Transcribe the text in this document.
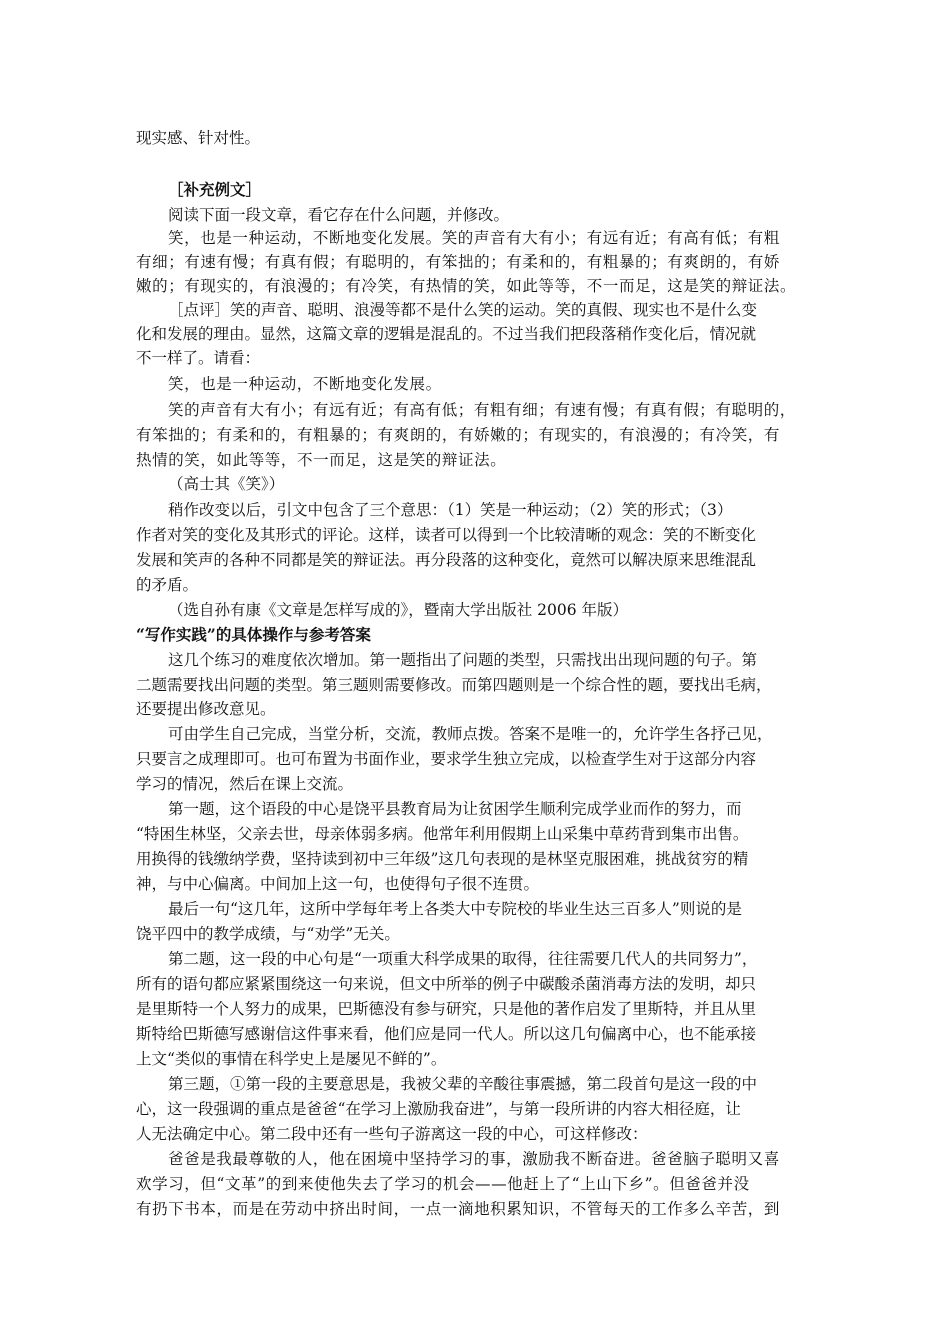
现实感、针对性。
［补充例文］
阅读下面一段文章，看它存在什么问题，并修改。
笑，也是一种运动，不断地变化发展。笑的声音有大有小；有远有近；有高有低；有粗
有细；有速有慢；有真有假；有聪明的，有笨拙的；有柔和的，有粗暴的；有爽朗的，有娇
嫩的；有现实的，有浪漫的；有冷笑，有热情的笑，如此等等，不一而足，这是笑的辩证法。
［点评］笑的声音、聪明、浪漫等都不是什么笑的运动。笑的真假、现实也不是什么变
化和发展的理由。显然，这篇文章的逻辑是混乱的。不过当我们把段落稍作变化后，情况就
不一样了。请看：
笑，也是一种运动，不断地变化发展。
笑的声音有大有小；有远有近；有高有低；有粗有细；有速有慢；有真有假；有聪明的，
有笨拙的；有柔和的，有粗暴的；有爽朗的，有娇嫩的；有现实的，有浪漫的；有冷笑，有
热情的笑，如此等等，不一而足，这是笑的辩证法。
（高士其《笑》）
稍作改变以后，引文中包含了三个意思：（1）笑是一种运动；（2）笑的形式；（3）
作者对笑的变化及其形式的评论。这样，读者可以得到一个比较清晰的观念：笑的不断变化
发展和笑声的各种不同都是笑的辩证法。再分段落的这种变化，竟然可以解决原来思维混乱
的矛盾。
（选自孙有康《文章是怎样写成的》，暨南大学出版社 2006 年版）
“写作实践”的具体操作与参考答案
这几个练习的难度依次增加。第一题指出了问题的类型，只需找出出现问题的句子。第
二题需要找出问题的类型。第三题则需要修改。而第四题则是一个综合性的题，要找出毛病，
还要提出修改意见。
可由学生自己完成，当堂分析，交流，教师点拨。答案不是唯一的，允许学生各抒己见，
只要言之成理即可。也可布置为书面作业，要求学生独立完成，以检查学生对于这部分内容
学习的情况，然后在课上交流。
第一题，这个语段的中心是饶平县教育局为让贫困学生顺利完成学业而作的努力，而
“特困生林坚，父亲去世，母亲体弱多病。他常年利用假期上山采集中草药背到集市出售。
用换得的钱缴纳学费，坚持读到初中三年级”这几句表现的是林坚克服困难，挑战贫穷的精
神，与中心偏离。中间加上这一句，也使得句子很不连贯。
最后一句“这几年，这所中学每年考上各类大中专院校的毕业生达三百多人”则说的是
饶平四中的教学成绩，与“劝学”无关。
第二题，这一段的中心句是“一项重大科学成果的取得，往往需要几代人的共同努力”，
所有的语句都应紧紧围绕这一句来说，但文中所举的例子中碳酸杀菌消毒方法的发明，却只
是里斯特一个人努力的成果，巴斯德没有参与研究，只是他的著作启发了里斯特，并且从里
斯特给巴斯德写感谢信这件事来看，他们应是同一代人。所以这几句偏离中心，也不能承接
上文“类似的事情在科学史上是屡见不鲜的”。
第三题，①第一段的主要意思是，我被父辈的辛酸往事震撼，第二段首句是这一段的中
心，这一段强调的重点是爸爸“在学习上激励我奋进”，与第一段所讲的内容大相径庭，让
人无法确定中心。第二段中还有一些句子游离这一段的中心，可这样修改：
爸爸是我最尊敬的人，他在困境中坚持学习的事，激励我不断奋进。爸爸脑子聪明又喜
欢学习，但“文革”的到来使他失去了学习的机会——他赶上了“上山下乡”。但爸爸并没
有扔下书本，而是在劳动中挤出时间，一点一滴地积累知识，不管每天的工作多么辛苦，到
